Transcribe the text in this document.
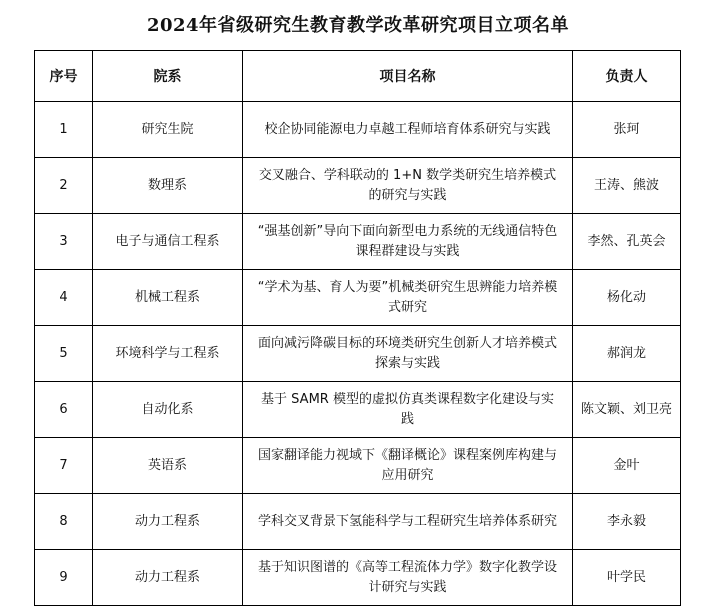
2024年省级研究生教育教学改革研究项目立项名单
序号	院系	项目名称	负责人
1	研究生院	校企协同能源电力卓越工程师培育体系研究与实践	张珂
2	数理系	交叉融合、学科联动的 1+N 数学类研究生培养模式的研究与实践	王涛、熊波
3	电子与通信工程系	“强基创新”导向下面向新型电力系统的无线通信特色课程群建设与实践	李然、孔英会
4	机械工程系	“学术为基、育人为要”机械类研究生思辨能力培养模式研究	杨化动
5	环境科学与工程系	面向减污降碳目标的环境类研究生创新人才培养模式探索与实践	郝润龙
6	自动化系	基于 SAMR 模型的虚拟仿真类课程数字化建设与实践	陈文颖、刘卫亮
7	英语系	国家翻译能力视域下《翻译概论》课程案例库构建与应用研究	金叶
8	动力工程系	学科交叉背景下氢能科学与工程研究生培养体系研究	李永毅
9	动力工程系	基于知识图谱的《高等工程流体力学》数字化教学设计研究与实践	叶学民
